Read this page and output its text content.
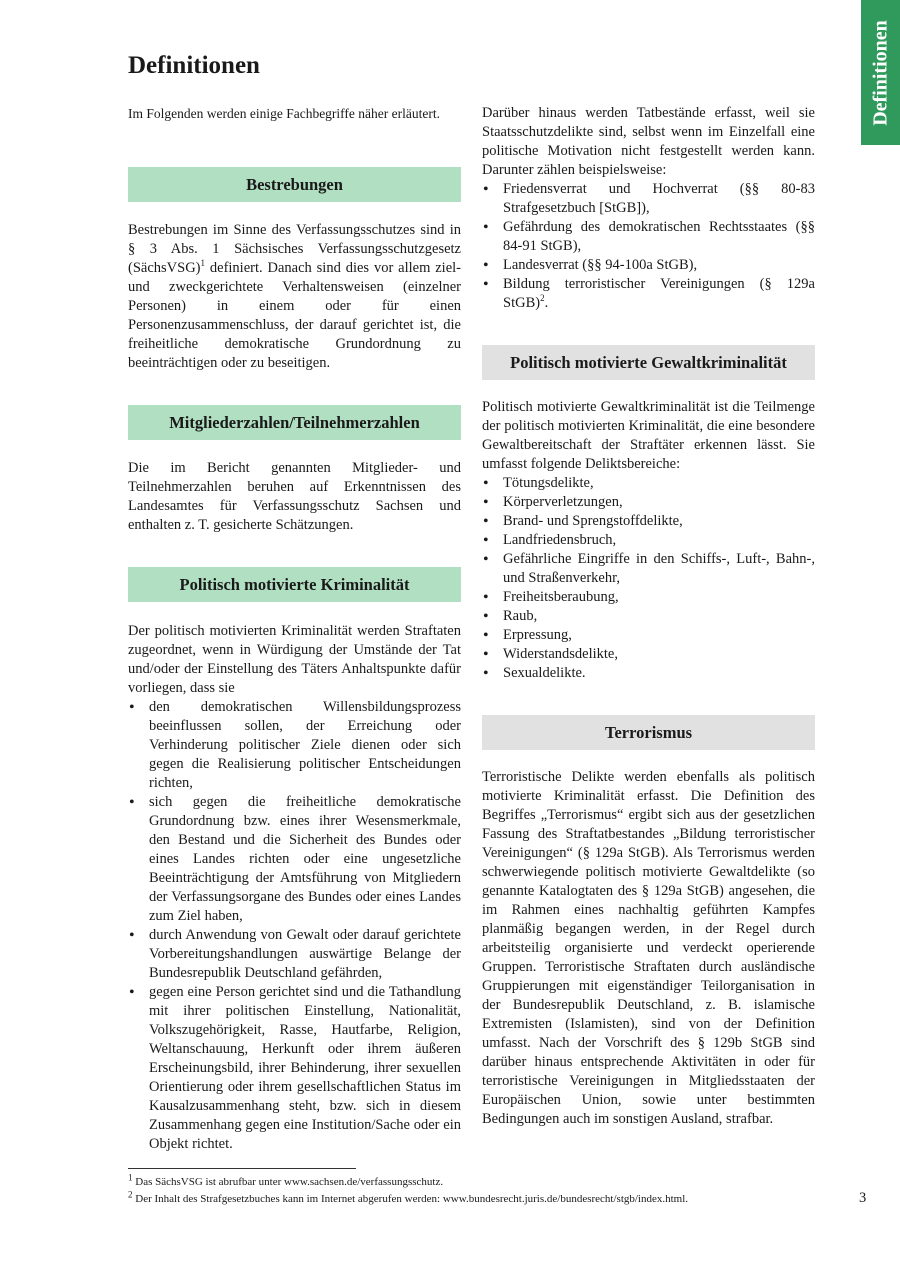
Definitionen
Definitionen

Im Folgenden werden einige Fachbegriffe näher erläutert.

Bestrebungen

Bestrebungen im Sinne des Verfassungsschutzes sind in § 3 Abs. 1 Sächsisches Verfassungsschutzgesetz (SächsVSG)$^1$ definiert. Danach sind dies vor allem ziel- und zweckgerichtete Verhaltensweisen (einzelner Personen) in einem oder für einen Personenzusammenschluss, der darauf gerichtet ist, die freiheitliche demokratische Grundordnung zu beeinträchtigen oder zu beseitigen.

Mitgliederzahlen/Teilnehmerzahlen

Die im Bericht genannten Mitglieder- und Teilnehmerzahlen beruhen auf Erkenntnissen des Landesamtes für Verfassungsschutz Sachsen und enthalten z. T. gesicherte Schätzungen.

Politisch motivierte Kriminalität

Der politisch motivierten Kriminalität werden Straftaten zugeordnet, wenn in Würdigung der Umstände der Tat und/oder der Einstellung des Täters Anhaltspunkte dafür vorliegen, dass sie

• den demokratischen Willensbildungsprozess beeinflussen sollen, der Erreichung oder Verhinderung politischer Ziele dienen oder sich gegen die Realisierung politischer Entscheidungen richten,
• sich gegen die freiheitliche demokratische Grundordnung bzw. eines ihrer Wesensmerkmale, den Bestand und die Sicherheit des Bundes oder eines Landes richten oder eine ungesetzliche Beeinträchtigung der Amtsführung von Mitgliedern der Verfassungsorgane des Bundes oder eines Landes zum Ziel haben,
• durch Anwendung von Gewalt oder darauf gerichtete Vorbereitungshandlungen auswärtige Belange der Bundesrepublik Deutschland gefährden,
• gegen eine Person gerichtet sind und die Tathandlung mit ihrer politischen Einstellung, Nationalität, Volkszugehörigkeit, Rasse, Hautfarbe, Religion, Weltanschauung, Herkunft oder ihrem äußeren Erscheinungsbild, ihrer Behinderung, ihrer sexuellen Orientierung oder ihrem gesellschaftlichen Status im Kausalzusammenhang steht, bzw. sich in diesem Zusammenhang gegen eine Institution/Sache oder ein Objekt richtet.

Darüber hinaus werden Tatbestände erfasst, weil sie Staatsschutzdelikte sind, selbst wenn im Einzelfall eine politische Motivation nicht festgestellt werden kann. Darunter zählen beispielsweise:

• Friedensverrat und Hochverrat (§§ 80-83 Strafgesetzbuch [StGB]),
• Gefährdung des demokratischen Rechtsstaates (§§ 84-91 StGB),
• Landesverrat (§§ 94-100a StGB),
• Bildung terroristischer Vereinigungen (§ 129a StGB)$^2$.
Politisch motivierte Gewaltkriminalität

Politisch motivierte Gewaltkriminalität ist die Teilmenge der politisch motivierten Kriminalität, die eine besondere Gewaltbereitschaft der Straftäter erkennen lässt. Sie umfasst folgende Deliktsbereiche:

• Tötungsdelikte,
• Körperverletzungen,
• Brand- und Sprengstoffdelikte,
• Landfriedensbruch,
• Gefährliche Eingriffe in den Schiffs-, Luft-, Bahn-, und Straßenverkehr,
• Freiheitsberaubung,
• Raub,
• Erpressung,
• Widerstandsdelikte,
• Sexualdelikte.
Terrorismus

Terroristische Delikte werden ebenfalls als politisch motivierte Kriminalität erfasst. Die Definition des Begriffes „Terrorismus“ ergibt sich aus der gesetzlichen Fassung des Straftatbestandes „Bildung terroristischer Vereinigungen“ (§ 129a StGB). Als Terrorismus werden schwerwiegende politisch motivierte Gewaltdelikte (so genannte Katalogtaten des § 129a StGB) angesehen, die im Rahmen eines nachhaltig geführten Kampfes planmäßig begangen werden, in der Regel durch arbeitsteilig organisierte und verdeckt operierende Gruppen. Terroristische Straftaten durch ausländische Gruppierungen mit eigenständiger Teilorganisation in der Bundesrepublik Deutschland, z. B. islamische Extremisten (Islamisten), sind von der Definition umfasst. Nach der Vorschrift des § 129b StGB sind darüber hinaus entsprechende Aktivitäten in oder für terroristische Vereinigungen in Mitgliedsstaaten der Europäischen Union, sowie unter bestimmten Bedingungen auch im sonstigen Ausland, strafbar.

$^1$ Das SächsVSG ist abrufbar unter www.sachsen.de/verfassungsschutz.

$^2$ Der Inhalt des Strafgesetzbuches kann im Internet abgerufen werden: www.bundesrecht.juris.de/bundesrecht/stgb/index.html.	3
